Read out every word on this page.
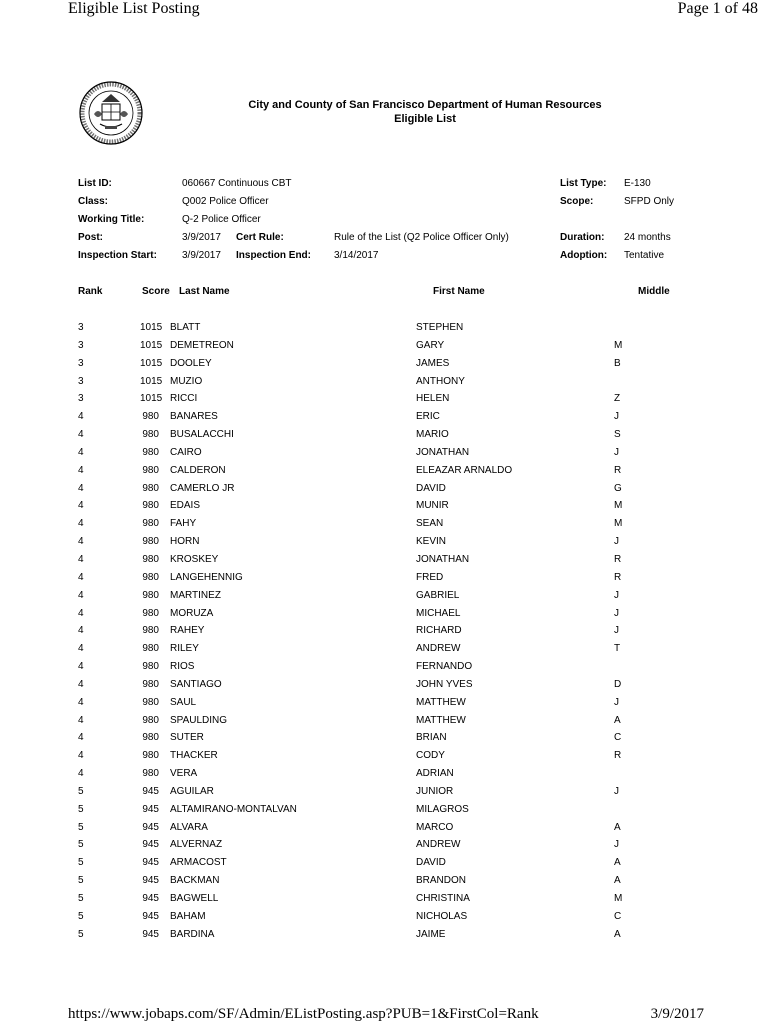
Eligible List Posting	Page 1 of 48
City and County of San Francisco Department of Human Resources
Eligible List
List ID:	060667 Continuous CBT
Class:	Q002 Police Officer
Working Title:	Q-2 Police Officer
Post:	3/9/2017 Cert Rule:	Rule of the List (Q2 Police Officer Only)
Inspection Start:	3/9/2017 Inspection End: 3/14/2017
List Type: E-130
Scope:	SFPD Only
Duration: 24 months
Adoption: Tentative
Rank	Score Last Name	First Name	Middle
3	1015 BLATT	STEPHEN
3	1015 DEMETREON	GARY	M
3	1015 DOOLEY	JAMES	B
3	1015 MUZIO	ANTHONY
3	1015 RICCI	HELEN	Z
4	980 BANARES	ERIC	J
4	980 BUSALACCHI	MARIO	S
4	980 CAIRO	JONATHAN	J
4	980 CALDERON	ELEAZAR ARNALDO	R
4	980 CAMERLO JR	DAVID	G
4	980 EDAIS	MUNIR	M
4	980 FAHY	SEAN	M
4	980 HORN	KEVIN	J
4	980 KROSKEY	JONATHAN	R
4	980 LANGEHENNIG	FRED	R
4	980 MARTINEZ	GABRIEL	J
4	980 MORUZA	MICHAEL	J
4	980 RAHEY	RICHARD	J
4	980 RILEY	ANDREW	T
4	980 RIOS	FERNANDO
4	980 SANTIAGO	JOHN YVES	D
4	980 SAUL	MATTHEW	J
4	980 SPAULDING	MATTHEW	A
4	980 SUTER	BRIAN	C
4	980 THACKER	CODY	R
4	980 VERA	ADRIAN
5	945 AGUILAR	JUNIOR	J
5	945 ALTAMIRANO-MONTALVAN	MILAGROS
5	945 ALVARA	MARCO	A
5	945 ALVERNAZ	ANDREW	J
5	945 ARMACOST	DAVID	A
5	945 BACKMAN	BRANDON	A
5	945 BAGWELL	CHRISTINA	M
5	945 BAHAM	NICHOLAS	C
5	945 BARDINA	JAIME	A
https://www.jobaps.com/SF/Admin/EListPosting.asp?PUB=1&FirstCol=Rank	3/9/2017
